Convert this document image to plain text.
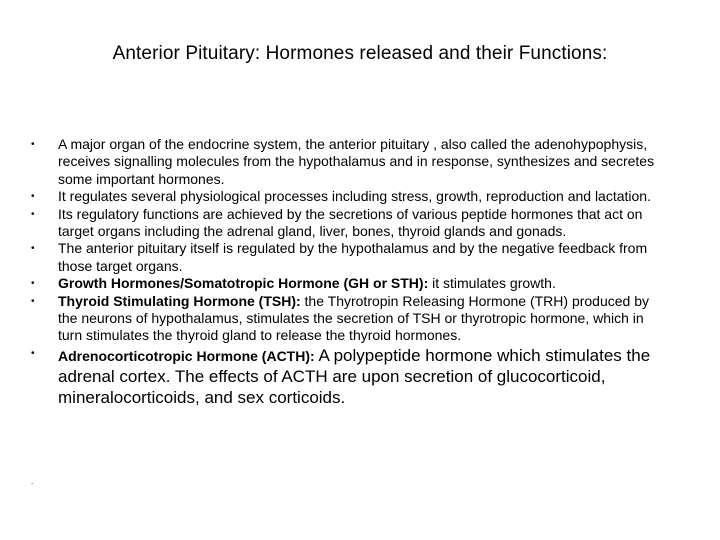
Anterior Pituitary: Hormones released and their Functions:
• A major organ of the endocrine system, the anterior pituitary , also called the adenohypophysis, receives signalling molecules from the hypothalamus and in response, synthesizes and secretes some important hormones.
• It regulates several physiological processes including stress, growth, reproduction and lactation.
• Its regulatory functions are achieved by the secretions of various peptide hormones that act on target organs including the adrenal gland, liver, bones, thyroid glands and gonads.
• The anterior pituitary itself is regulated by the hypothalamus and by the negative feedback from those target organs.
• Growth Hormones/Somatotropic Hormone (GH or STH): it stimulates growth.
• Thyroid Stimulating Hormone (TSH): the Thyrotropin Releasing Hormone (TRH) produced by the neurons of hypothalamus, stimulates the secretion of TSH or thyrotropic hormone, which in turn stimulates the thyroid gland to release the thyroid hormones.
• Adrenocorticotropic Hormone (ACTH): A polypeptide hormone which stimulates the adrenal cortex. The effects of ACTH are upon secretion of glucocorticoid, mineralocorticoids, and sex corticoids.
.
